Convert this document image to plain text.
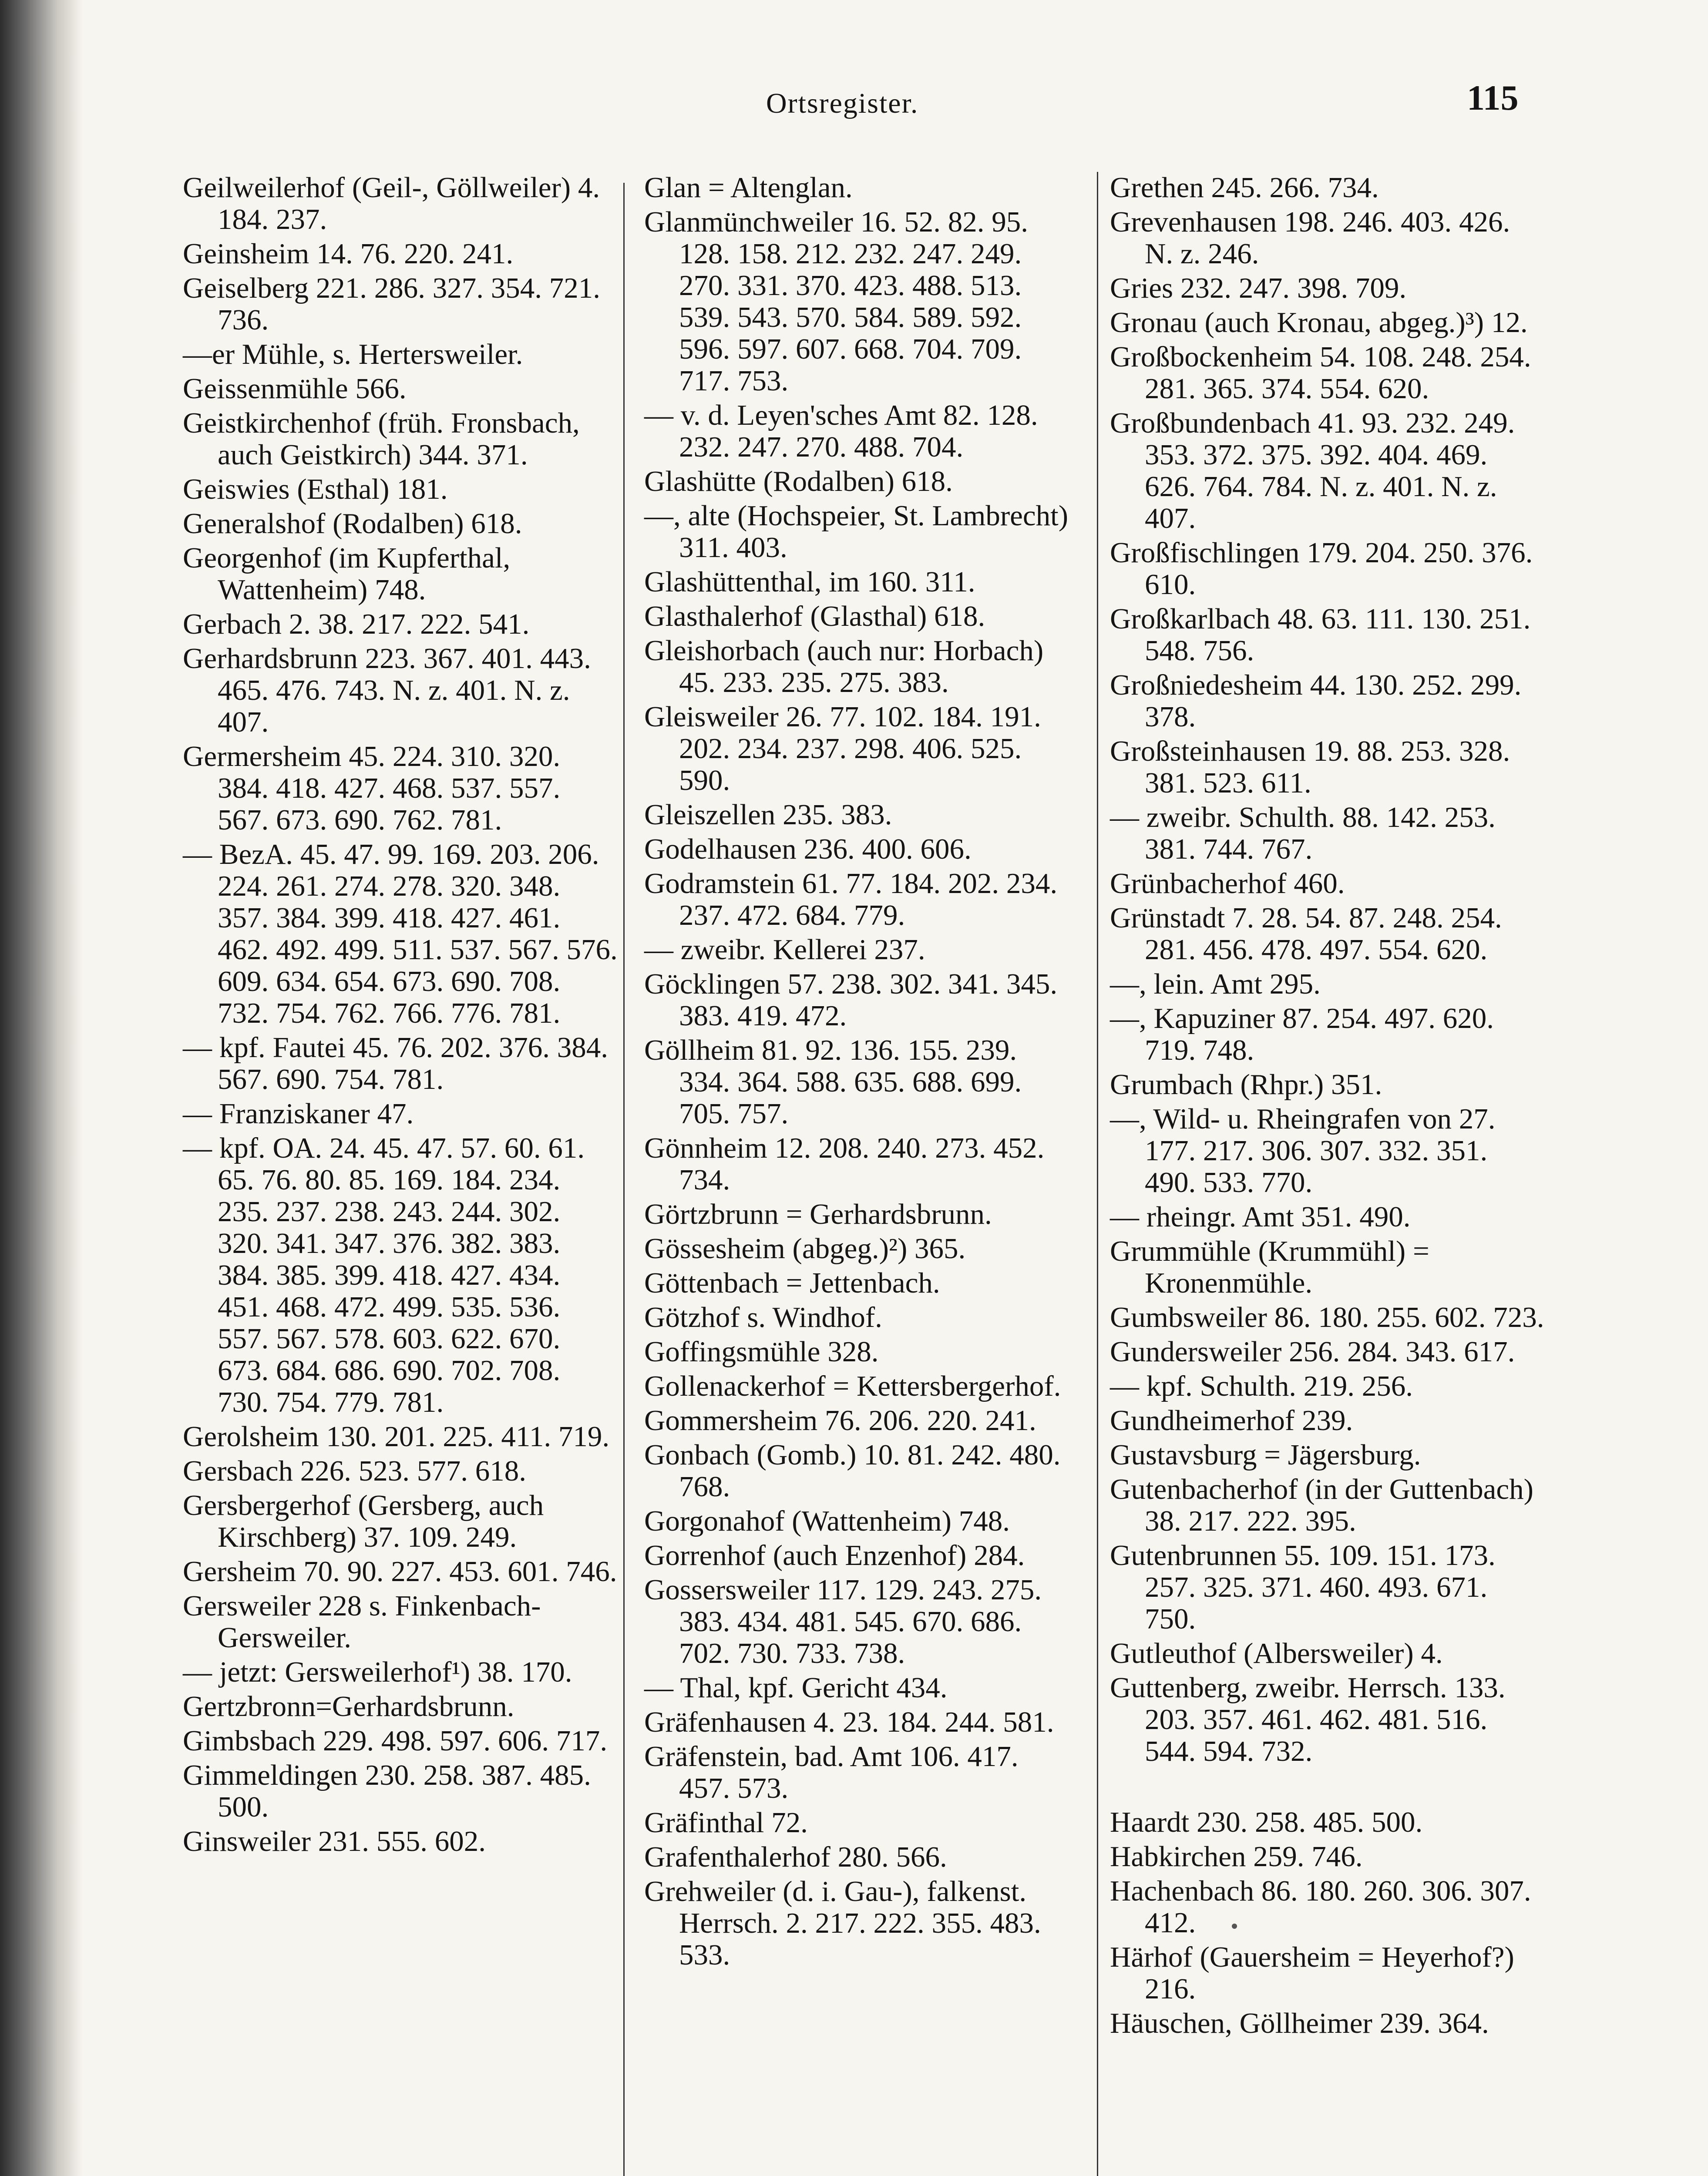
Ortsregister.	115
Geilweilerhof (Geil-, Göllweiler) 4. 184. 237.
Geinsheim 14. 76. 220. 241.
Geiselberg 221. 286. 327. 354. 721. 736.
—er Mühle, s. Hertersweiler.
Geissenmühle 566.
Geistkirchenhof (früh. Fronsbach, auch Geistkirch) 344. 371.
Geiswies (Esthal) 181.
Generalshof (Rodalben) 618.
Georgenhof (im Kupferthal, Wattenheim) 748.
Gerbach 2. 38. 217. 222. 541.
Gerhardsbrunn 223. 367. 401. 443. 465. 476. 743. N. z. 401. N. z. 407.
Germersheim 45. 224. 310. 320. 384. 418. 427. 468. 537. 557. 567. 673. 690. 762. 781.
— BezA. 45. 47. 99. 169. 203. 206. 224. 261. 274. 278. 320. 348. 357. 384. 399. 418. 427. 461. 462. 492. 499. 511. 537. 567. 576. 609. 634. 654. 673. 690. 708. 732. 754. 762. 766. 776. 781.
— kpf. Fautei 45. 76. 202. 376. 384. 567. 690. 754. 781.
— Franziskaner 47.
— kpf. OA. 24. 45. 47. 57. 60. 61. 65. 76. 80. 85. 169. 184. 234. 235. 237. 238. 243. 244. 302. 320. 341. 347. 376. 382. 383. 384. 385. 399. 418. 427. 434. 451. 468. 472. 499. 535. 536. 557. 567. 578. 603. 622. 670. 673. 684. 686. 690. 702. 708. 730. 754. 779. 781.
Gerolsheim 130. 201. 225. 411. 719.
Gersbach 226. 523. 577. 618.
Gersbergerhof (Gersberg, auch Kirschberg) 37. 109. 249.
Gersheim 70. 90. 227. 453. 601. 746.
Gersweiler 228 s. Finkenbach-Gersweiler.
— jetzt: Gersweilerhof¹) 38. 170.
Gertzbronn=Gerhardsbrunn.
Gimbsbach 229. 498. 597. 606. 717.
Gimmeldingen 230. 258. 387. 485. 500.
Ginsweiler 231. 555. 602.
Glan = Altenglan.
Glanmünchweiler 16. 52. 82. 95. 128. 158. 212. 232. 247. 249. 270. 331. 370. 423. 488. 513. 539. 543. 570. 584. 589. 592. 596. 597. 607. 668. 704. 709. 717. 753.
— v. d. Leyen'sches Amt 82. 128. 232. 247. 270. 488. 704.
Glashütte (Rodalben) 618.
—, alte (Hochspeier, St. Lambrecht) 311. 403.
Glashüttenthal, im 160. 311.
Glasthalerhof (Glasthal) 618.
Gleishorbach (auch nur: Horbach) 45. 233. 235. 275. 383.
Gleisweiler 26. 77. 102. 184. 191. 202. 234. 237. 298. 406. 525. 590.
Gleiszellen 235. 383.
Godelhausen 236. 400. 606.
Godramstein 61. 77. 184. 202. 234. 237. 472. 684. 779.
— zweibr. Kellerei 237.
Göcklingen 57. 238. 302. 341. 345. 383. 419. 472.
Göllheim 81. 92. 136. 155. 239. 334. 364. 588. 635. 688. 699. 705. 757.
Gönnheim 12. 208. 240. 273. 452. 734.
Görtzbrunn = Gerhardsbrunn.
Gössesheim (abgeg.)²) 365.
Göttenbach = Jettenbach.
Götzhof s. Windhof.
Goffingsmühle 328.
Gollenackerhof = Kettersbergerhof.
Gommersheim 76. 206. 220. 241.
Gonbach (Gomb.) 10. 81. 242. 480. 768.
Gorgonahof (Wattenheim) 748.
Gorrenhof (auch Enzenhof) 284.
Gossersweiler 117. 129. 243. 275. 383. 434. 481. 545. 670. 686. 702. 730. 733. 738.
— Thal, kpf. Gericht 434.
Gräfenhausen 4. 23. 184. 244. 581.
Gräfenstein, bad. Amt 106. 417. 457. 573.
Gräfinthal 72.
Grafenthalerhof 280. 566.
Grehweiler (d. i. Gau-), falkenst. Herrsch. 2. 217. 222. 355. 483. 533.
Grethen 245. 266. 734.
Grevenhausen 198. 246. 403. 426. N. z. 246.
Gries 232. 247. 398. 709.
Gronau (auch Kronau, abgeg.)³) 12.
Großbockenheim 54. 108. 248. 254. 281. 365. 374. 554. 620.
Großbundenbach 41. 93. 232. 249. 353. 372. 375. 392. 404. 469. 626. 764. 784. N. z. 401. N. z. 407.
Großfischlingen 179. 204. 250. 376. 610.
Großkarlbach 48. 63. 111. 130. 251. 548. 756.
Großniedesheim 44. 130. 252. 299. 378.
Großsteinhausen 19. 88. 253. 328. 381. 523. 611.
— zweibr. Schulth. 88. 142. 253. 381. 744. 767.
Grünbacherhof 460.
Grünstadt 7. 28. 54. 87. 248. 254. 281. 456. 478. 497. 554. 620.
—, lein. Amt 295.
—, Kapuziner 87. 254. 497. 620. 719. 748.
Grumbach (Rhpr.) 351.
—, Wild- u. Rheingrafen von 27. 177. 217. 306. 307. 332. 351. 490. 533. 770.
— rheingr. Amt 351. 490.
Grummühle (Krummühl) = Kronenmühle.
Gumbsweiler 86. 180. 255. 602. 723.
Gundersweiler 256. 284. 343. 617.
— kpf. Schulth. 219. 256.
Gundheimerhof 239.
Gustavsburg = Jägersburg.
Gutenbacherhof (in der Guttenbach) 38. 217. 222. 395.
Gutenbrunnen 55. 109. 151. 173. 257. 325. 371. 460. 493. 671. 750.
Gutleuthof (Albersweiler) 4.
Guttenberg, zweibr. Herrsch. 133. 203. 357. 461. 462. 481. 516. 544. 594. 732.
Haardt 230. 258. 485. 500.
Habkirchen 259. 746.
Hachenbach 86. 180. 260. 306. 307. 412.
Härhof (Gauersheim = Heyerhof?) 216.
Häuschen, Göllheimer 239. 364.
